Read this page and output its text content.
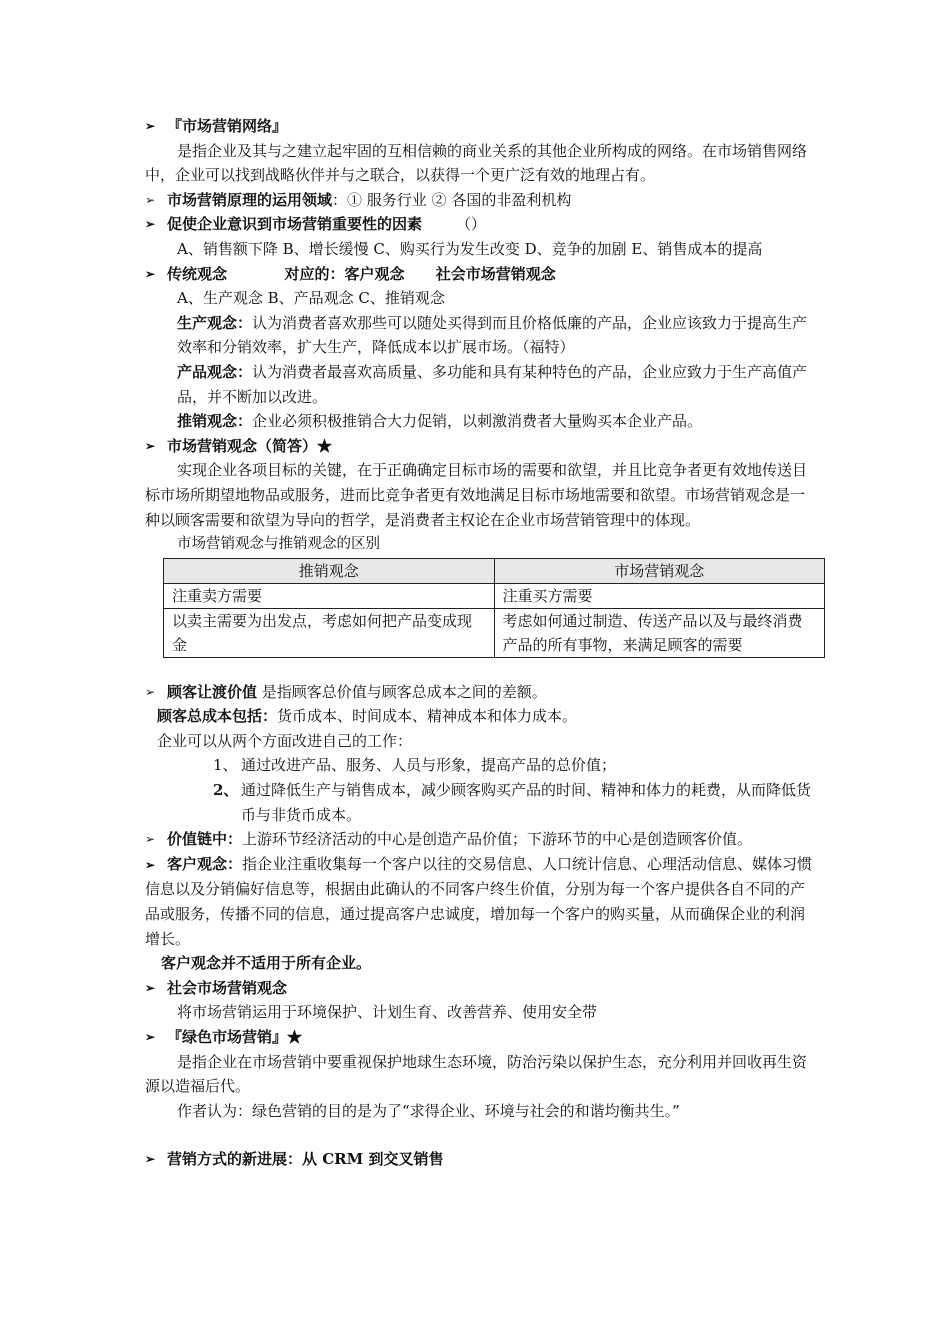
➢ 『市场营销网络』

是指企业及其与之建立起牢固的互相信赖的商业关系的其他企业所构成的网络。在市场销售网络中，企业可以找到战略伙伴并与之联合，以获得一个更广泛有效的地理占有。

➢ 市场营销原理的运用领域：① 服务行业 ② 各国的非盈利机构

➢ 促使企业意识到市场营销重要性的因素 （）

A、销售额下降 B、增长缓慢 C、购买行为发生改变 D、竞争的加剧 E、销售成本的提高

➢ 传统观念           对应的：客户观念      社会市场营销观念

A、生产观念 B、产品观念 C、推销观念

生产观念：认为消费者喜欢那些可以随处买得到而且价格低廉的产品，企业应该致力于提高生产效率和分销效率，扩大生产，降低成本以扩展市场。（福特）

产品观念：认为消费者最喜欢高质量、多功能和具有某种特色的产品，企业应致力于生产高值产品，并不断加以改进。

推销观念：企业必须积极推销合大力促销，以刺激消费者大量购买本企业产品。

➢ 市场营销观念（简答）★

实现企业各项目标的关键，在于正确确定目标市场的需要和欲望，并且比竞争者更有效地传送目标市场所期望地物品或服务，进而比竞争者更有效地满足目标市场地需要和欲望。市场营销观念是一种以顾客需要和欲望为导向的哲学，是消费者主权论在企业市场营销管理中的体现。

市场营销观念与推销观念的区别

推销观念	市场营销观念
注重卖方需要	注重买方需要
以卖主需要为出发点，考虑如何把产品变成现金	考虑如何通过制造、传送产品以及与最终消费产品的所有事物，来满足顾客的需要

➢ 顾客让渡价值 是指顾客总价值与顾客总成本之间的差额。

顾客总成本包括：货币成本、时间成本、精神成本和体力成本。

企业可以从两个方面改进自己的工作：

1、 通过改进产品、服务、人员与形象，提高产品的总价值；
2、 通过降低生产与销售成本，减少顾客购买产品的时间、精神和体力的耗费，从而降低货币与非货币成本。

➢ 价值链中：上游环节经济活动的中心是创造产品价值；下游环节的中心是创造顾客价值。

➢ 客户观念：指企业注重收集每一个客户以往的交易信息、人口统计信息、心理活动信息、媒体习惯信息以及分销偏好信息等，根据由此确认的不同客户终生价值，分别为每一个客户提供各自不同的产品或服务，传播不同的信息，通过提高客户忠诚度，增加每一个客户的购买量，从而确保企业的利润增长。

客户观念并不适用于所有企业。

➢ 社会市场营销观念

将市场营销运用于环境保护、计划生育、改善营养、使用安全带

➢ 『绿色市场营销』★

是指企业在市场营销中要重视保护地球生态环境，防治污染以保护生态，充分利用并回收再生资源以造福后代。

作者认为：绿色营销的目的是为了“求得企业、环境与社会的和谐均衡共生。”

➢ 营销方式的新进展：从 CRM 到交叉销售
